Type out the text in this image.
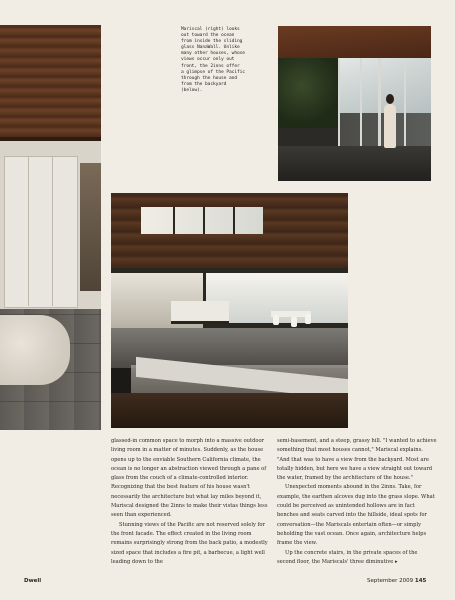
Mariscal (right) looks
out toward the ocean
from inside the sliding
glass NanaWall. Unlike
many other houses, whose
views occur only out
front, the 2inns offer
a glimpse of the Pacific
through the house and
from the backyard
(below).

glassed-in common space to morph into a massive outdoor living room in a matter of minutes. Suddenly, as the house opens up to the enviable Southern California climate, the ocean is no longer an abstraction viewed through a pane of glass from the couch of a climate-controlled interior. Recognizing that the best feature of his house wasn't necessarily the architecture but what lay miles beyond it, Mariscal designed the 2inns to make their vistas things less seen than experienced.

Stunning views of the Pacific are not reserved solely for the front facade. The effect created in the living room remains surprisingly strong from the back patio, a modestly sized space that includes a fire pit, a barbecue, a light well leading down to the

semi-basement, and a steep, grassy hill. "I wanted to achieve something that most houses cannot," Mariscal explains. "And that was to have a view from the backyard. Most are totally hidden, but here we have a view straight out toward the water, framed by the architecture of the house."

Unexpected moments abound in the 2inns. Take, for example, the earthen alcoves dug into the grass slope. What could be perceived as unintended hollows are in fact benches and seats carved into the hillside, ideal spots for conversation—the Mariscals entertain often—or simply beholding the vast ocean. Once again, architecture helps frame the view.

Up the concrete stairs, in the private spaces of the second floor, the Mariscals' three diminutive ▸

Dwell	September 2009 145
